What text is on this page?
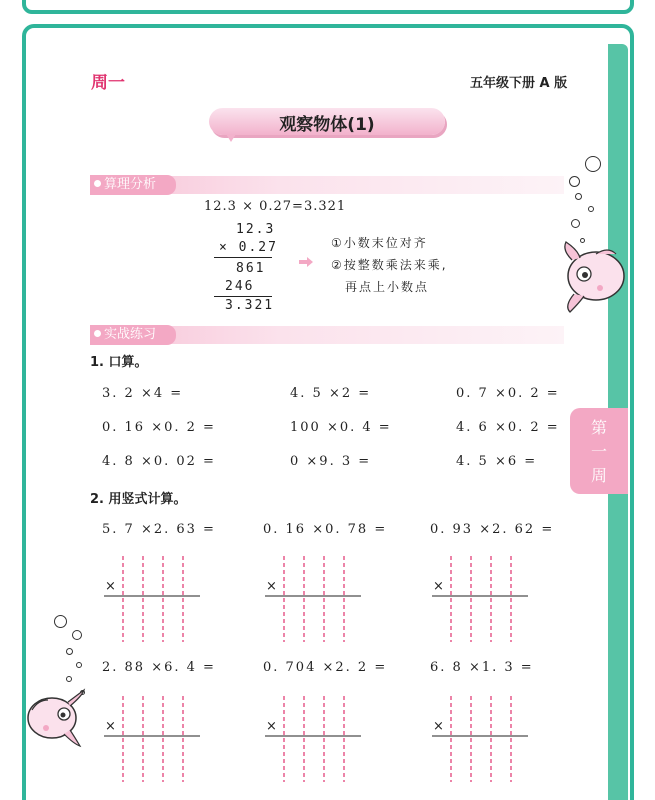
周一	五年级下册 A 版
观察物体(1)
算理分析
12.3 × 0.27=3.321
12.3
× 0.27
861
246
3.321
①小数末位对齐
②按整数乘法来乘,
再点上小数点
实战练习
1. 口算。
3. 2 ×4 =	4. 5 ×2 =	0. 7 ×0. 2 =
0. 16 ×0. 2 =	100 ×0. 4 =	4. 6 ×0. 2 =
4. 8 ×0. 02 =	0 ×9. 3 =	4. 5 ×6 =
第
一
周
2. 用竖式计算。
5. 7 ×2. 63 =	0. 16 ×0. 78 =	0. 93 ×2. 62 =
2. 88 ×6. 4 =	0. 704 ×2. 2 =	6. 8 ×1. 3 =
×	×	×
×	×	×
